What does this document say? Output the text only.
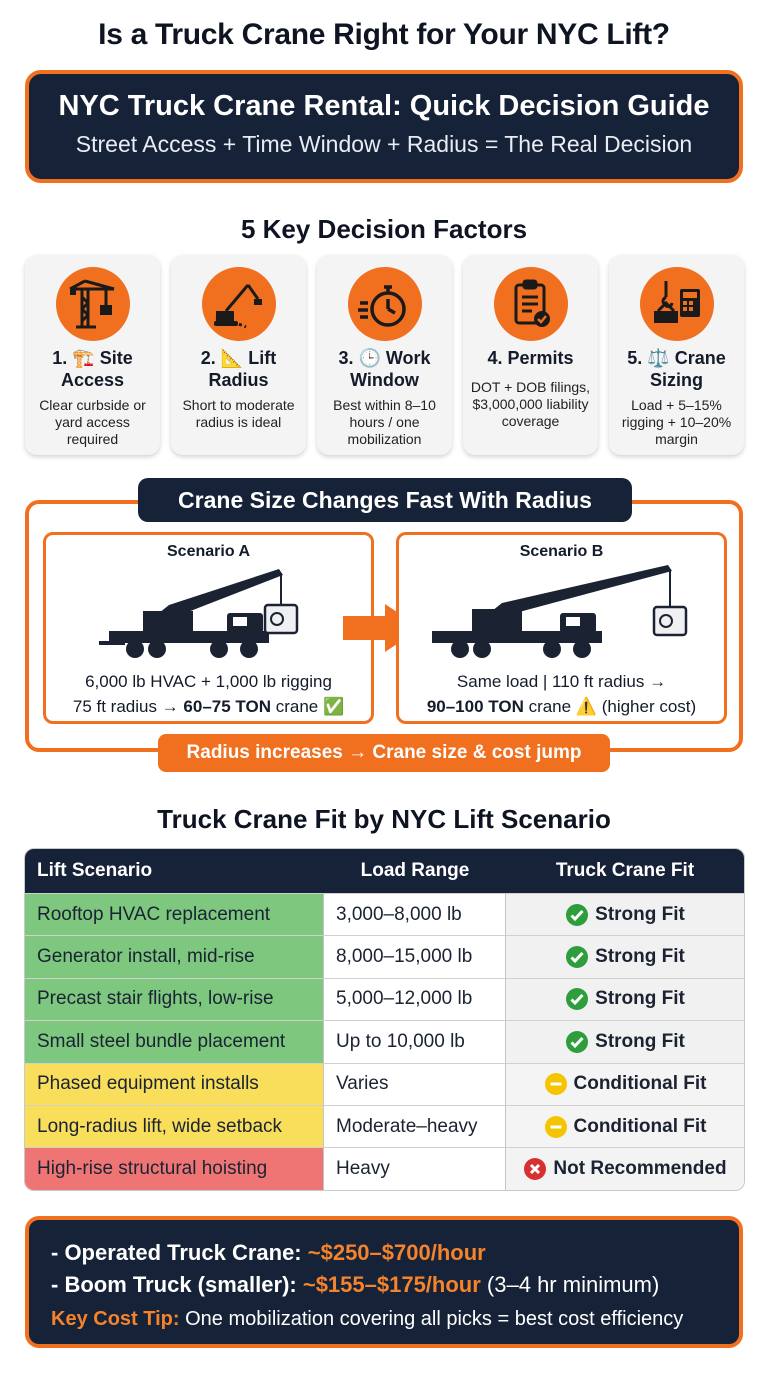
Is a Truck Crane Right for Your NYC Lift?
NYC Truck Crane Rental: Quick Decision Guide
Street Access + Time Window + Radius = The Real Decision
5 Key Decision Factors
1. 🏗️ Site
Access
Clear curbside or yard access required
2. 📐 Lift
Radius
Short to moderate radius is ideal
3. 🕒 Work
Window
Best within 8–10 hours / one mobilization
4. Permits
DOT + DOB filings, $3,000,000 liability coverage
5. ⚖️ Crane
Sizing
Load + 5–15% rigging + 10–20% margin
Crane Size Changes Fast With Radius
Scenario A
6,000 lb HVAC + 1,000 lb rigging
75 ft radius → 60–75 TON crane ✅
Scenario B
Same load | 110 ft radius →
90–100 TON crane ⚠️ (higher cost)
Radius increases → Crane size & cost jump
Truck Crane Fit by NYC Lift Scenario
Lift Scenario	Load Range	Truck Crane Fit
Rooftop HVAC replacement	3,000–8,000 lb	Strong Fit
Generator install, mid-rise	8,000–15,000 lb	Strong Fit
Precast stair flights, low-rise	5,000–12,000 lb	Strong Fit
Small steel bundle placement	Up to 10,000 lb	Strong Fit
Phased equipment installs	Varies	Conditional Fit
Long-radius lift, wide setback	Moderate–heavy	Conditional Fit
High-rise structural hoisting	Heavy	Not Recommended
- Operated Truck Crane: ~$250–$700/hour
- Boom Truck (smaller): ~$155–$175/hour (3–4 hr minimum)
Key Cost Tip: One mobilization covering all picks = best cost efficiency
